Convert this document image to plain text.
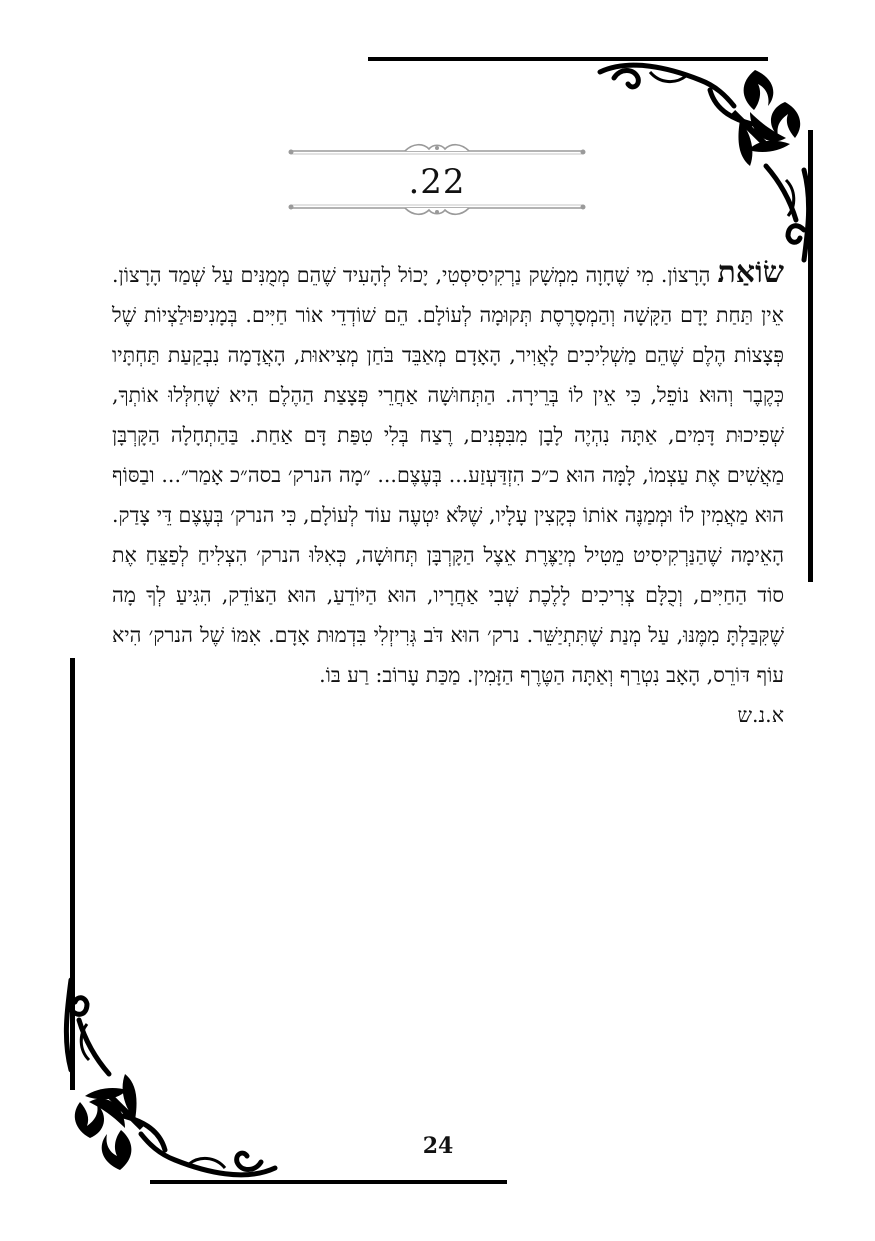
.22
שׂוֹאַת הָרָצוֹן. מִי שֶׁחָוָה מִמְשָׁק נַרְקִיסִיסְטִי, יָכוֹל לְהָעִיד שֶׁהֵם מְמֻנִּים עַל שְׁמַד הָרָצוֹן. אֵין תַּחַת יָדָם הַקָּשָׁה וְהַמְסָרֶסֶת תְּקוּמָה לְעוֹלָם. הֵם שׁוֹדְדֵי אוֹר חַיִּים. בְּמָנִיפּוּלַצְיוֹת שֶׁל פְּצָצוֹת הֶלֶם שֶׁהֵם מַשְׁלִיכִים לָאֲוִיר, הָאָדָם מְאַבֵּד בֹּחַן מְצִיאוּת, הָאֲדָמָה נִבְקַעַת תַּחְתָּיו כְּקֶבֶר וְהוּא נוֹפֵל, כִּי אֵין לוֹ בְּרֵירָה. הַתְּחוּשָׁה אַחֲרֵי פְּצָצַת הַהֶלֶם הִיא שֶׁחִלְּלוּ אוֹתְךָ, שְׁפִיכוּת דָּמִים, אַתָּה נִהְיֶה לָבָן מִבִּפְנִים, רֶצַח בְּלִי טִפַּת דָּם אַחַת. בַּהַתְחָלָה הַקָּרְבָּן מַאֲשִׁים אֶת עַצְמוֹ, לָמָּה הוּא כ״כ הִזְדַּעְזַע... בְּעֶצֶם... ״מָה הנרק׳ בסה״כ אָמַר״... ובַסּוֹף הוּא מַאֲמִין לוֹ וּמְמַנֶּה אוֹתוֹ כְּקָצִין עָלָיו, שֶׁלֹּא יִטְעֶה עוֹד לְעוֹלָם, כִּי הנרק׳ בְּעֶצֶם דֵּי צָדַק. הָאֵימָה שֶׁהַנַּרְקִיסִיט מֵטִיל מְיַצֶּרֶת אֵצֶל הַקָּרְבָּן תְּחוּשָׁה, כְּאִלּוּ הנרק׳ הִצְלִיחַ לְפַצֵּחַ אֶת סוֹד הַחַיִּים, וְכֻלָּם צְרִיכִים לָלֶכֶת שְׁבִי אַחֲרָיו, הוּא הַיּוֹדֵעַ, הוּא הַצּוֹדֵק, הִגִּיעַ לְךָ מָה שֶׁקִּבַּלְתָּ מִמֶּנּוּ, עַל מְנַת שֶׁתִּתְיַשֵּׁר. נרק׳ הוּא דֹּב גְּרִיזְלִי בִּדְמוּת אָדָם. אִמּוֹ שֶׁל הנרק׳ הִיא עוֹף דּוֹרֵס, הָאָב נִטְרַף וְאַתָּה הַטֶּרֶף הַזָּמִין. מַכַּת עָרוֹב: רַע בּוֹ.
א.נ.ש
24
